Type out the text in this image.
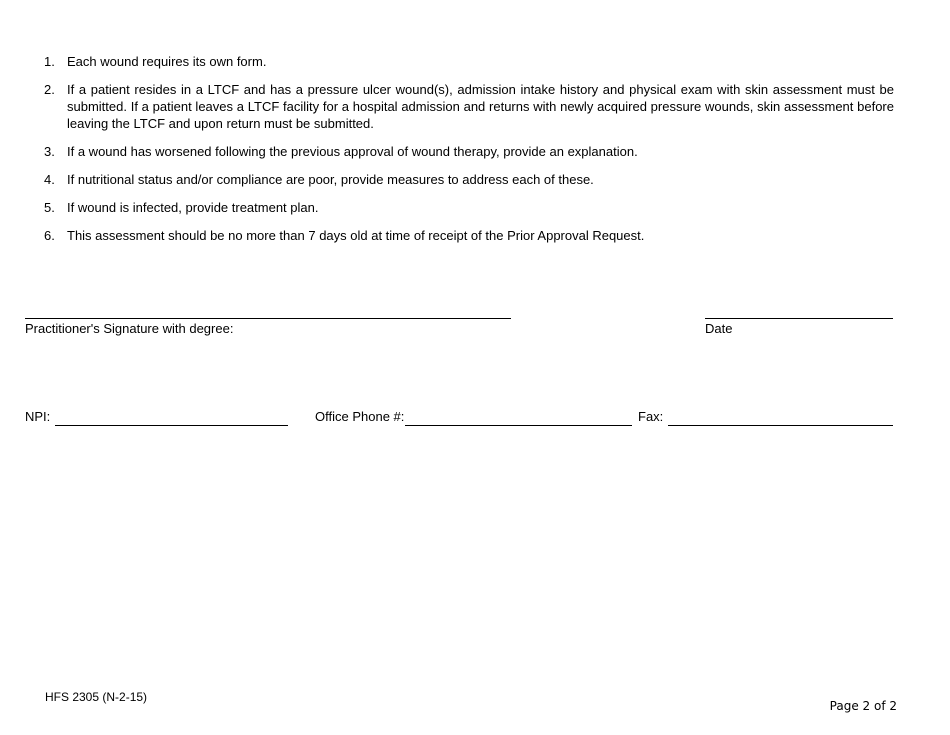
1. Each wound requires its own form.
2. If a patient resides in a LTCF and has a pressure ulcer wound(s), admission intake history and physical exam with skin assessment must be submitted. If a patient leaves a LTCF facility for a hospital admission and returns with newly acquired pressure wounds, skin assessment before leaving the LTCF and upon return must be submitted.
3. If a wound has worsened following the previous approval of wound therapy, provide an explanation.
4. If nutritional status and/or compliance are poor, provide measures to address each of these.
5. If wound is infected, provide treatment plan.
6. This assessment should be no more than 7 days old at time of receipt of the Prior Approval Request.
Practitioner's Signature with degree:	Date
NPI:	Office Phone #:	Fax:
HFS 2305 (N-2-15)
Page 2 of 2
